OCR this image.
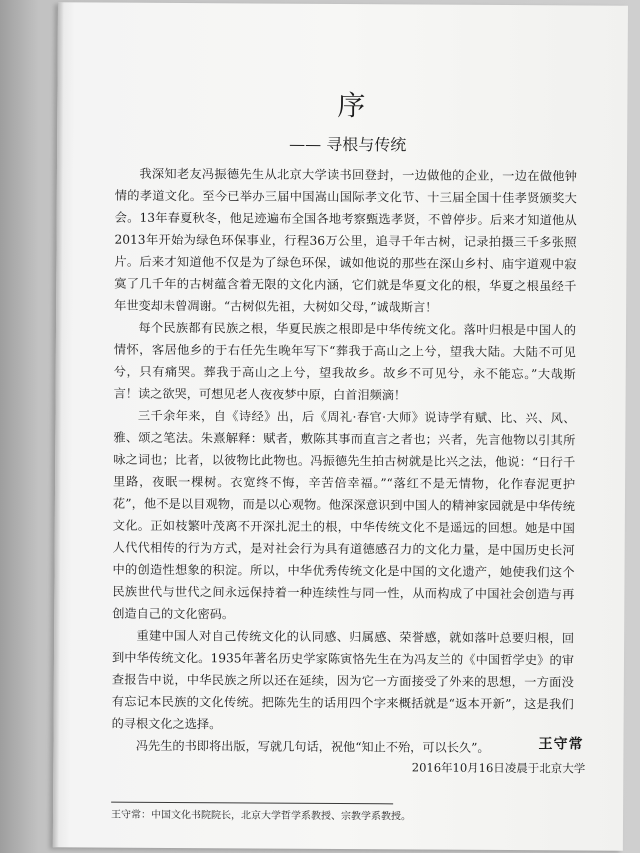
序
—— 寻根与传统

我深知老友冯振德先生从北京大学读书回登封，一边做他的企业，一边在做他钟情的孝道文化。至今已举办三届中国嵩山国际孝文化节、十三届全国十佳孝贤颁奖大会。13年春夏秋冬，他足迹遍布全国各地考察甄选孝贤，不曾停步。后来才知道他从2013年开始为绿色环保事业，行程36万公里，追寻千年古树，记录拍摄三千多张照片。后来才知道他不仅是为了绿色环保，诚如他说的那些在深山乡村、庙宇道观中寂寞了几千年的古树蕴含着无限的文化内涵，它们就是华夏文化的根，华夏之根虽经千年世变却未曾凋谢。“古树似先祖，大树如父母，”诚哉斯言！

每个民族都有民族之根，华夏民族之根即是中华传统文化。落叶归根是中国人的情怀，客居他乡的于右任先生晚年写下“葬我于高山之上兮，望我大陆。大陆不可见兮，只有痛哭。葬我于高山之上兮，望我故乡。故乡不可见兮，永不能忘。”大哉斯言！读之欲哭，可想见老人夜夜梦中原，白首泪频滴！

三千余年来，自《诗经》出，后《周礼·春官·大师》说诗学有赋、比、兴、风、雅、颂之笔法。朱熹解释：赋者，敷陈其事而直言之者也；兴者，先言他物以引其所咏之词也；比者，以彼物比此物也。冯振德先生拍古树就是比兴之法，他说：“日行千里路，夜眠一棵树。衣宽终不悔，辛苦倍幸福。”“落红不是无情物，化作春泥更护花”，他不是以目观物，而是以心观物。他深深意识到中国人的精神家园就是中华传统文化。正如枝繁叶茂离不开深扎泥土的根，中华传统文化不是遥远的回想。她是中国人代代相传的行为方式，是对社会行为具有道德感召力的文化力量，是中国历史长河中的创造性想象的积淀。所以，中华优秀传统文化是中国的文化遗产，她使我们这个民族世代与世代之间永远保持着一种连续性与同一性，从而构成了中国社会创造与再创造自己的文化密码。

重建中国人对自己传统文化的认同感、归属感、荣誉感，就如落叶总要归根，回到中华传统文化。1935年著名历史学家陈寅恪先生在为冯友兰的《中国哲学史》的审查报告中说，中华民族之所以还在延续，因为它一方面接受了外来的思想，一方面没有忘记本民族的文化传统。把陈先生的话用四个字来概括就是“返本开新”，这是我们的寻根文化之选择。

冯先生的书即将出版，写就几句话，祝他“知止不殆，可以长久”。	王守常
2016年10月16日凌晨于北京大学
王守常：中国文化书院院长，北京大学哲学系教授、宗教学系教授。
